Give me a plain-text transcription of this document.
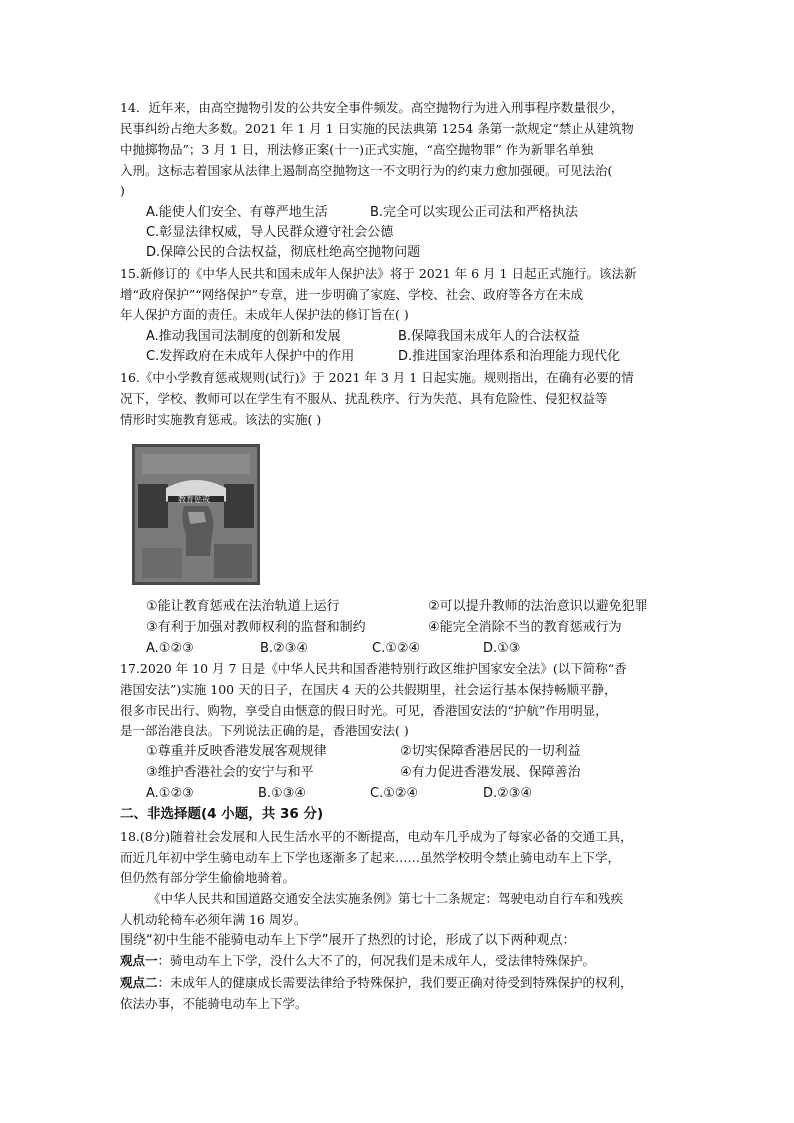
14．近年来，由高空抛物引发的公共安全事件频发。高空抛物行为进入刑事程序数量很少，
民事纠纷占绝大多数。2021 年 1 月 1 日实施的民法典第 1254 条第一款规定“禁止从建筑物
中抛掷物品”；3 月 1 日，刑法修正案(十一)正式实施，“高空抛物罪” 作为新罪名单独
入刑。这标志着国家从法律上遏制高空抛物这一不文明行为的约束力愈加强硬。可见法治(
)
A.能使人们安全、有尊严地生活	B.完全可以实现公正司法和严格执法
C.彰显法律权威，导人民群众遵守社会公德
D.保障公民的合法权益，彻底杜绝高空抛物问题
15.新修订的《中华人民共和国未成年人保护法》将于 2021 年 6 月 1 日起正式施行。该法新
增“政府保护”“网络保护”专章，进一步明确了家庭、学校、社会、政府等各方在未成
年人保护方面的责任。未成年人保护法的修订旨在( )
A.推动我国司法制度的创新和发展	B.保障我国未成年人的合法权益
C.发挥政府在未成年人保护中的作用	D.推进国家治理体系和治理能力现代化
16.《中小学教育惩戒规则(试行)》于 2021 年 3 月 1 日起实施。规则指出，在确有必要的情
况下，学校、教师可以在学生有不服从、扰乱秩序、行为失范、具有危险性、侵犯权益等
情形时实施教育惩戒。该法的实施( )
教育惩戒
①能让教育惩戒在法治轨道上运行	②可以提升教师的法治意识以避免犯罪
③有利于加强对教师权利的监督和制约	④能完全消除不当的教育惩戒行为
A.①②③	B.②③④	C.①②④	D.①③
17.2020 年 10 月 7 日是《中华人民共和国香港特别行政区维护国家安全法》(以下简称“香
港国安法”)实施 100 天的日子，在国庆 4 天的公共假期里，社会运行基本保持畅顺平静，
很多市民出行、购物，享受自由惬意的假日时光。可见，香港国安法的“护航”作用明显，
是一部治港良法。下列说法正确的是，香港国安法( )
①尊重并反映香港发展客观规律	②切实保障香港居民的一切利益
③维护香港社会的安宁与和平	④有力促进香港发展、保障善治
A.①②③	B.①③④	C.①②④	D.②③④
二、非选择题(4 小题，共 36 分)
18.(8分)随着社会发展和人民生活水平的不断提高，电动车几乎成为了每家必备的交通工具，
而近几年初中学生骑电动车上下学也逐渐多了起来……虽然学校明令禁止骑电动车上下学，
但仍然有部分学生偷偷地骑着。
《中华人民共和国道路交通安全法实施条例》第七十二条规定：驾驶电动自行车和残疾
人机动轮椅车必须年满 16 周岁。
围绕“初中生能不能骑电动车上下学”展开了热烈的讨论，形成了以下两种观点：
观点一：骑电动车上下学，没什么大不了的，何况我们是未成年人，受法律特殊保护。
观点二：未成年人的健康成长需要法律给予特殊保护，我们要正确对待受到特殊保护的权利，
依法办事，不能骑电动车上下学。
